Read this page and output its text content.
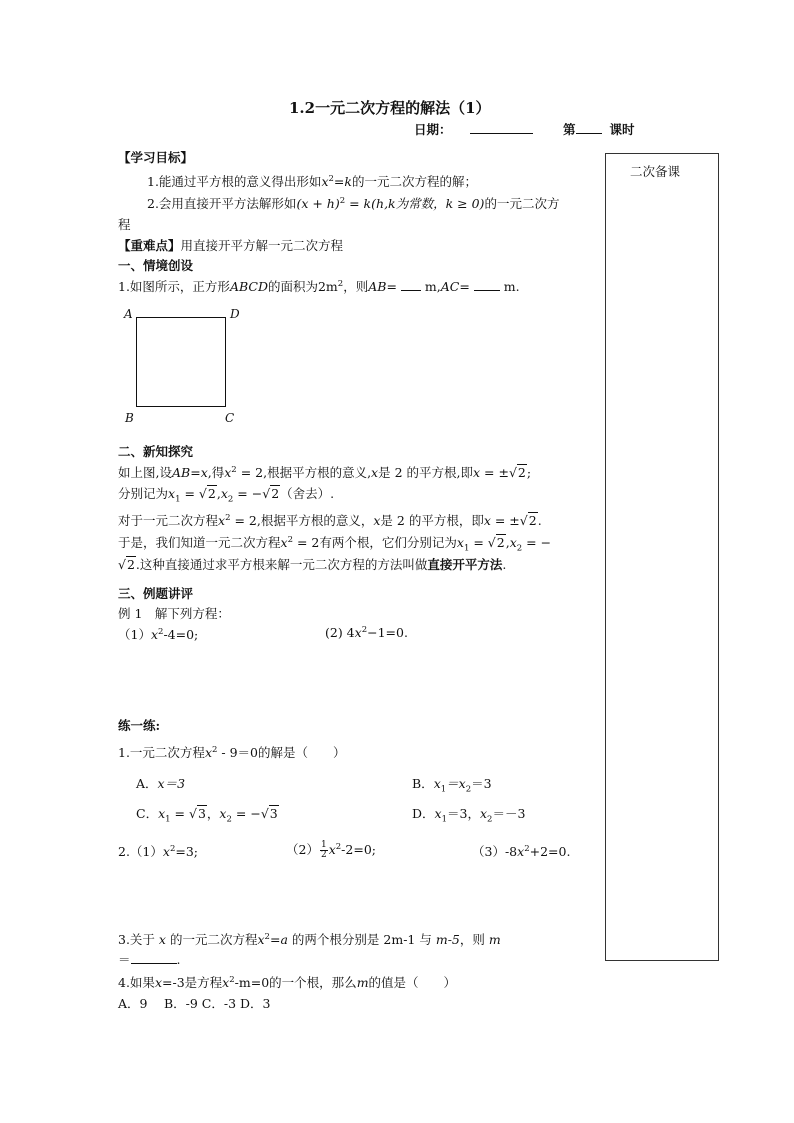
1.2一元二次方程的解法（1）
日期：	第	课时
二次备课
【学习目标】
1.能通过平方根的意义得出形如$x^2=k$的一元二次方程的解；
2.会用直接开平方法解形如$(x + h)^2 = k(h,k$为常数，k ≥ 0)的一元二次方
程
【重难点】用直接开平方解一元二次方程
一、情境创设
1.如图所示，正方形ABCD的面积为$2m^2$，则AB= m,AC=	m.
A	D
B	C
二、新知探究
如上图,设AB=x,得$x^2 = 2$,根据平方根的意义,x是 2 的平方根,即x = ±√2;
分别记为$x_1 = √2,x_2 = -√2$（舍去）.
对于一元二次方程$x^2 = 2$,根据平方根的意义，x是 2 的平方根，即x = ±√2.
于是，我们知道一元二次方程$x^2 = 2$有两个根，它们分别记为$x_1 = √2,x_2$ = −
√2.这种直接通过求平方根来解一元二次方程的方法叫做直接开平方法.
三、例题讲评
例 1　解下列方程：
$(1)x^2-4=0$;	(2) $4x^2-1=0$.
练一练:
1.一元二次方程$x^2 - 9=0$的解是（　　）
A．x＝3	B．$x_1=x_2=3$
C．$x_1 = √3$，$x_2 = -√3$	D．$x_1=3$，$x_2=-3$
$2.(1)x^2=3$;	$(2) \frac{1}{2} x^2-2=0$;	$(3)-8x^2+2=0$.
3.关于 x 的一元二次方程$x^2=a$ 的两个根分别是 2m-1 与 m-5，则 m
＝	.
4.如果x=-3是方程$x^2-m=0$的一个根，那么m的值是（　　）
A．9　 B．-9 C．-3 D．3
